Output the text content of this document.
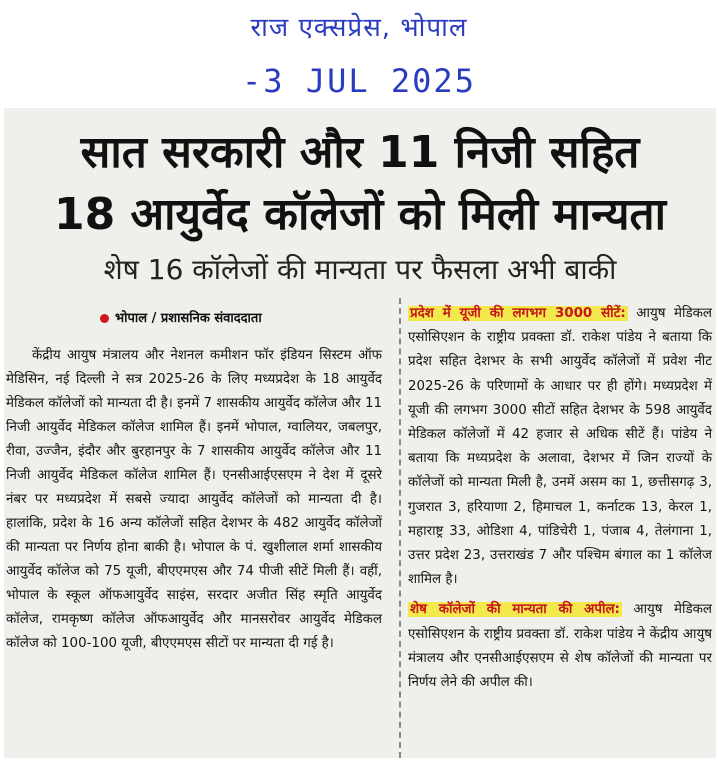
राज एक्सप्रेस, भोपाल
-3 JUL 2025
सात सरकारी और 11 निजी सहित
18 आयुर्वेद कॉलेजों को मिली मान्यता
शेष 16 कॉलेजों की मान्यता पर फैसला अभी बाकी
भोपाल / प्रशासनिक संवाददाता

केंद्रीय आयुष मंत्रालय और नेशनल कमीशन फॉर इंडियन सिस्टम ऑफ मेडिसिन, नई दिल्ली ने सत्र 2025-26 के लिए मध्यप्रदेश के 18 आयुर्वेद मेडिकल कॉलेजों को मान्यता दी है। इनमें 7 शासकीय आयुर्वेद कॉलेज और 11 निजी आयुर्वेद मेडिकल कॉलेज शामिल हैं। इनमें भोपाल, ग्वालियर, जबलपुर, रीवा, उज्जैन, इंदौर और बुरहानपुर के 7 शासकीय आयुर्वेद कॉलेज और 11 निजी आयुर्वेद मेडिकल कॉलेज शामिल हैं। एनसीआईएसएम ने देश में दूसरे नंबर पर मध्यप्रदेश में सबसे ज्यादा आयुर्वेद कॉलेजों को मान्यता दी है। हालांकि, प्रदेश के 16 अन्य कॉलेजों सहित देशभर के 482 आयुर्वेद कॉलेजों की मान्यता पर निर्णय होना बाकी है। भोपाल के पं. खुशीलाल शर्मा शासकीय आयुर्वेद कॉलेज को 75 यूजी, बीएएमएस और 74 पीजी सीटें मिली हैं। वहीं, भोपाल के स्कूल ऑफआयुर्वेद साइंस, सरदार अजीत सिंह स्मृति आयुर्वेद कॉलेज, रामकृष्ण कॉलेज ऑफआयुर्वेद और मानसरोवर आयुर्वेद मेडिकल कॉलेज को 100-100 यूजी, बीएएमएस सीटों पर मान्यता दी गई है।

प्रदेश में यूजी की लगभग 3000 सीटें: आयुष मेडिकल एसोसिएशन के राष्ट्रीय प्रवक्ता डॉ. राकेश पांडेय ने बताया कि प्रदेश सहित देशभर के सभी आयुर्वेद कॉलेजों में प्रवेश नीट 2025-26 के परिणामों के आधार पर ही होंगे। मध्यप्रदेश में यूजी की लगभग 3000 सीटों सहित देशभर के 598 आयुर्वेद मेडिकल कॉलेजों में 42 हजार से अधिक सीटें हैं। पांडेय ने बताया कि मध्यप्रदेश के अलावा, देशभर में जिन राज्यों के कॉलेजों को मान्यता मिली है, उनमें असम का 1, छत्तीसगढ़ 3, गुजरात 3, हरियाणा 2, हिमाचल 1, कर्नाटक 13, केरल 1, महाराष्ट्र 33, ओडिशा 4, पांडिचेरी 1, पंजाब 4, तेलंगाना 1, उत्तर प्रदेश 23, उत्तराखंड 7 और पश्चिम बंगाल का 1 कॉलेज शामिल है।

शेष कॉलेजों की मान्यता की अपील: आयुष मेडिकल एसोसिएशन के राष्ट्रीय प्रवक्ता डॉ. राकेश पांडेय ने केंद्रीय आयुष मंत्रालय और एनसीआईएसएम से शेष कॉलेजों की मान्यता पर निर्णय लेने की अपील की।
